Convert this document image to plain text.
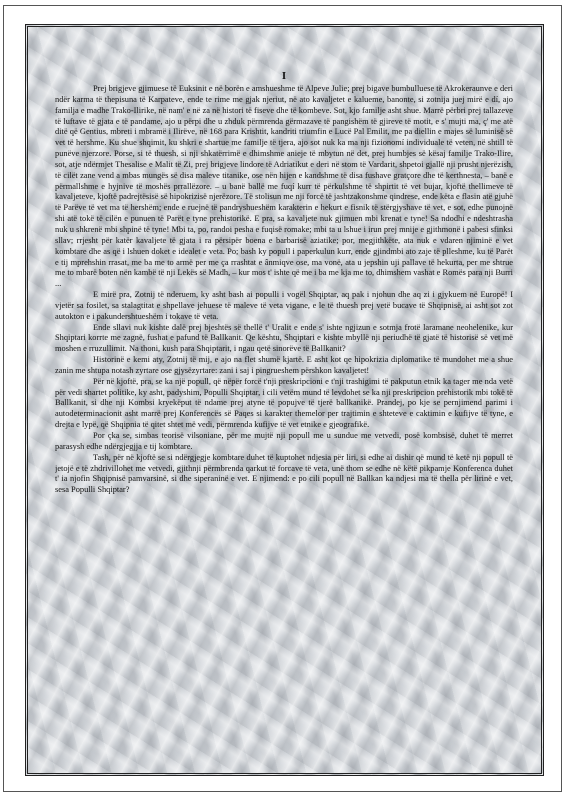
I

Prej brigjeve gjimuese të Euksinit e në borën e amshueshme të Alpeve Julie; prej bigave bumbulluese të Akrokeraunve e deri ndër karma të thepisuna të Karpateve, ende te rime me gjak njeriut, në ato kavaljetet e kalueme, banonte, si zotnija juej mirë e dí, ajo familja e madhe Trako-Ilirike, në nam' e në za në histori të fiseve dhe të kombeve. Sot, kjo familje asht shue. Marrë përbri prej tallazeve të luftave të gjata e të pandame, ajo u përpi dhe u zhduk përmrenda gërmazave të pangishëm të gjireve të motit, e s' mujti ma, ç' me atë ditë që Gentius, mbreti i mbramë i Ilirëve, në 168 para Krishtit, kandriti triumfin e Lucë Pal Emilit, me pa diellin e majes së luminisë së vet të hershme. Ku shue shqimit, ku shkri e shartue me familje të tjera, ajo sot nuk ka ma nji fizionomí individuale të veten, në shtill të punëve njerzore. Porse, si të thuesh, si nji shkatërrimë e dhimshme anieje të mbytun në det, prej humbjes së kësaj familje Trako-Ilire, sot, atje ndërmjet Thesalise e Malit të Zi, prej brigjeve lindore të Adriatikut e deri në stom të Vardarit, shpetoi gjallë nji prusht njerëzish, të cilët zane vend a mbas mungës së disa maleve titanike, ose nën hijen e kandshme të disa fushave gratçore dhe të kerthnesta, – banë e përmallshme e hyjnive të moshës prrallëzore. – u banë ballë me fuqí kurr të përkulshme të shpirtit të vet bujar, kjoftë thellimeve të kavaljeteve, kjoftë padrejtësisë së hipokrizisë njerëzore. Të stolisun me nji forcë të jashtzakonshme qindrese, ende këta e flasin atë gjuhë të Parëve të vet ma të hershëm; ende e ruejnë të pandryshueshëm karakterin e hekurt e fisnik të stërgjyshave të vet, e sot, edhe punojnë shi atë tokë të cilën e punuen të Parët e tyne prehistorikë. E pra, sa kavaljete nuk gjimuen mbi krenat e tyne! Sa ndodhi e ndeshtrasha nuk u shkrenë mbi shpinë të tyne! Mbi ta, po, randoi pesha e fuqisë romake; mbi ta u lshue i irun prej mnije e gjithmonë i pabesi sfinksi sllav; rrjesht për katër kavaljete të gjata i ra përsipër boena e barbarisë aziatike; por, megjithkëte, ata nuk e vdaren njiminë e vet kombtare dhe as që i lshuen doket e idealet e veta. Po; bash ky popull i paperkulun kurr, ende gjindmbi ato zaje të plleshme, ku të Parët e tij mprehshin rrasat, me ba me to armë per me ça rrashtat e ânmiqve ose, ma vonë, ata u jepshin uji pallave të hekurta, per me shtrue me to mbarë boten nën kambë të nji Lekës së Madh, – kur mos t' ishte që me i ba me kja me to, dhimshem vashat e Romës para nji Burri ...

E mirë pra, Zotnij të nderuem, ky asht bash ai populli i vogël Shqiptar, aq pak i njohun dhe aq zi i gjykuem në Europë! I vjetër sa fosilet, sa stalagtitat e shpellave jehuese të maleve të veta vigane, e le të thuesh prej vetë bucave të Shqipnisë, ai asht sot zot autokton e i pakundershtueshëm i tokave të veta.

Ende sllavi nuk kishte dalë prej bjeshtës së thellë t' Uralit e ende s' ishte ngjizun e sotmja frotë laramane neohelenike, kur Shqiptari korrte me zagnë, fushat e pafund të Ballkanit. Qe kështu, Shqiptari e kishte mbyllë nji periudhë të gjatë të historisë së vet më moshen e rruzullimit. Na thoni, kush para Shqiptarit, i ngau qetë sinorëve të Ballkanit?

Historinë e kemi aty, Zotnij të mij, e ajo na flet shumë kjartë. E asht kot qe hipokrizia diplomatike të mundohet me a shue zanin me shtupa notash zyrtare ose gjysëzyrtare: zani i saj i pingrueshem përshkon kavaljetet!

Për në kjoftë, pra, se ka një popull, që nëpër forcë t'nji preskripcioni e t'nji trashigimi të pakputun etnik ka tager me nda vetë për vedi shartet politike, ky asht, padyshim, Populli Shqiptar, i cili vetëm mund të levdohet se ka nji preskripcion prehistorik mbi tokë të Ballkanit, si dhe nji Kombsi kryekëput të ndame prej atyne të popujve të tjerë ballkanikë. Prandej, po kje se pernjimend parimi i autodeterminacionit asht marrë prej Konferencës së Paqes si karakter themelor per trajtimin e shteteve e caktimin e kufijve të tyne, e drejta e lypë, që Shqipnia të qitet shtet më vedi, përmrenda kufijve të vet etnike e gjeografikë.

Por çka se, simbas teorisë vilsoniane, për me mujtë nji popull me u sundue me vetvedi, posë kombsisë, duhet të merret parasysh edhe ndërgjegjja e tij kombtare.

Tash, për në kjoftë se si ndërgjegje kombtare duhet të kuptohet ndjesia për liri, si edhe ai dishir që mund të ketë nji popull të jetojë e të zhdrivillohet me vetvedi, gjithnji përmbrenda qarkut të forcave të veta, unë thom se edhe në këtë pikpamje Konferenca duhet t' ia njofin Shqipnisë pamvarsinë, si dhe siperaninë e vet. E njimend: e po cili popull në Ballkan ka ndjesi ma të thella për lirinë e vet, sesa Populli Shqiptar?
